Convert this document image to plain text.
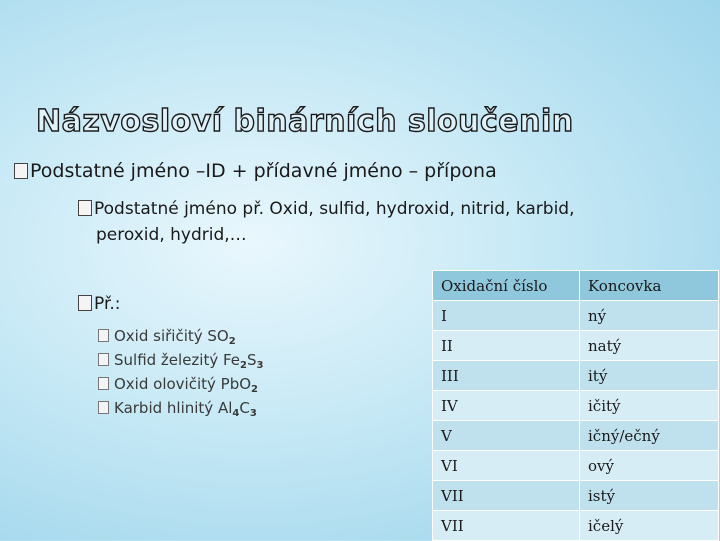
Názvosloví binárních sloučenin
Podstatné jméno –ID + přídavné jméno – přípona
Podstatné jméno př. Oxid, sulfid, hydroxid, nitrid, karbid,
peroxid, hydrid,…
Př.:
Oxid siřičitý $SO_2$
Sulfid železitý $Fe_2S_3$
Oxid olovičitý PbO$_2$
Karbid hlinitý $Al_4C_3$
Oxidační číslo	Koncovka
I	ný
II	natý
III	itý
IV	ičitý
V	ičný/ečný
VI	ový
VII	istý
VII	ičelý
